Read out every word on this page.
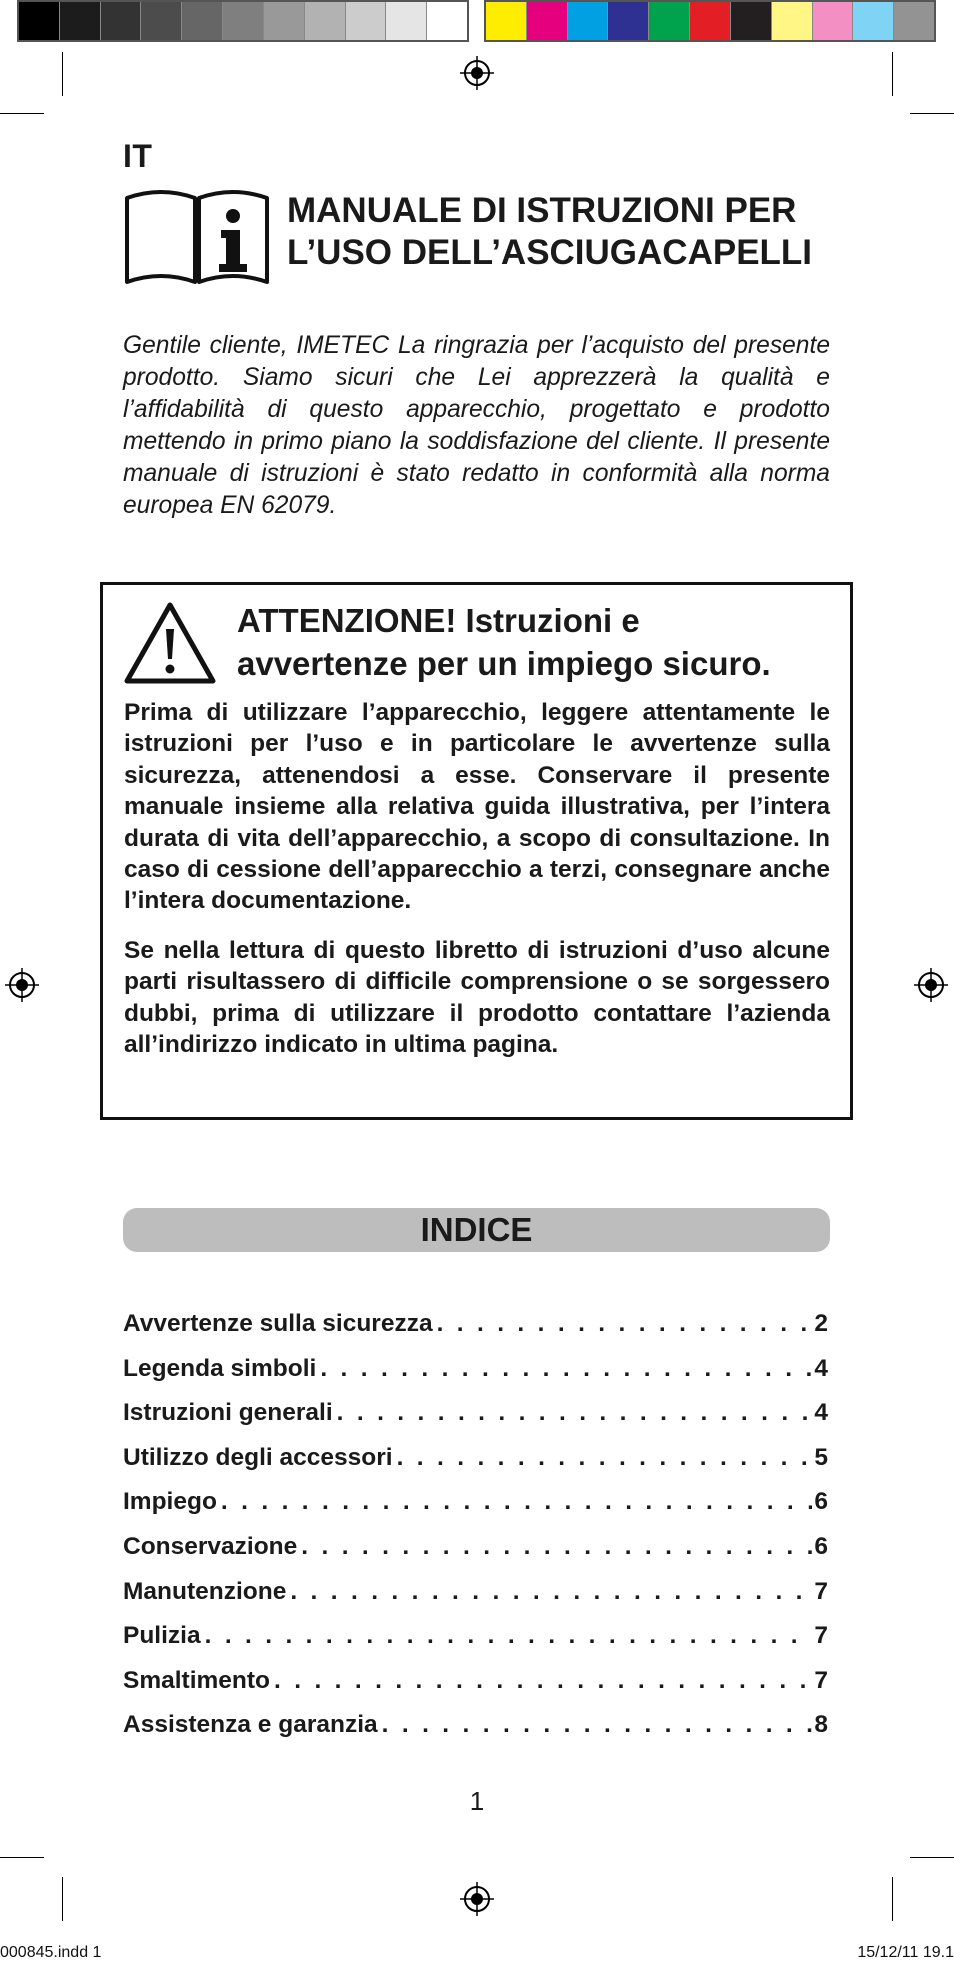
IT
MANUALE DI ISTRUZIONI PER
L’USO DELL’ASCIUGACAPELLI

Gentile cliente, IMETEC La ringrazia per l’acquisto del presente prodotto. Siamo sicuri che Lei apprezzerà la qualità e l’affidabilità di questo apparecchio, progettato e prodotto mettendo in primo piano la soddisfazione del cliente. Il presente manuale di istruzioni è stato redatto in conformità alla norma europea EN 62079.

ATTENZIONE! Istruzioni e
avvertenze per un impiego sicuro.

Prima di utilizzare l’apparecchio, leggere attentamente le istruzioni per l’uso e in particolare le avvertenze sulla sicurezza, attenendosi a esse. Conservare il presente manuale insieme alla relativa guida illustrativa, per l’intera durata di vita dell’apparecchio, a scopo di consultazione. In caso di cessione dell’apparecchio a terzi, consegnare anche l’intera documentazione.

Se nella lettura di questo libretto di istruzioni d’uso alcune parti risultassero di difficile comprensione o se sorgessero dubbi, prima di utilizzare il prodotto contattare l’azienda all’indirizzo indicato in ultima pagina.

INDICE
Avvertenze sulla sicurezza . . .	2
Legenda simboli . . .	4
Istruzioni generali . . .	4
Utilizzo degli accessori . . .	5
Impiego . . .	6
Conservazione . . .	6
Manutenzione . . .	7
Pulizia . . .	7
Smaltimento . . .	7
Assistenza e garanzia . . .	8
1
000845.indd 1	15/12/11 19.1
